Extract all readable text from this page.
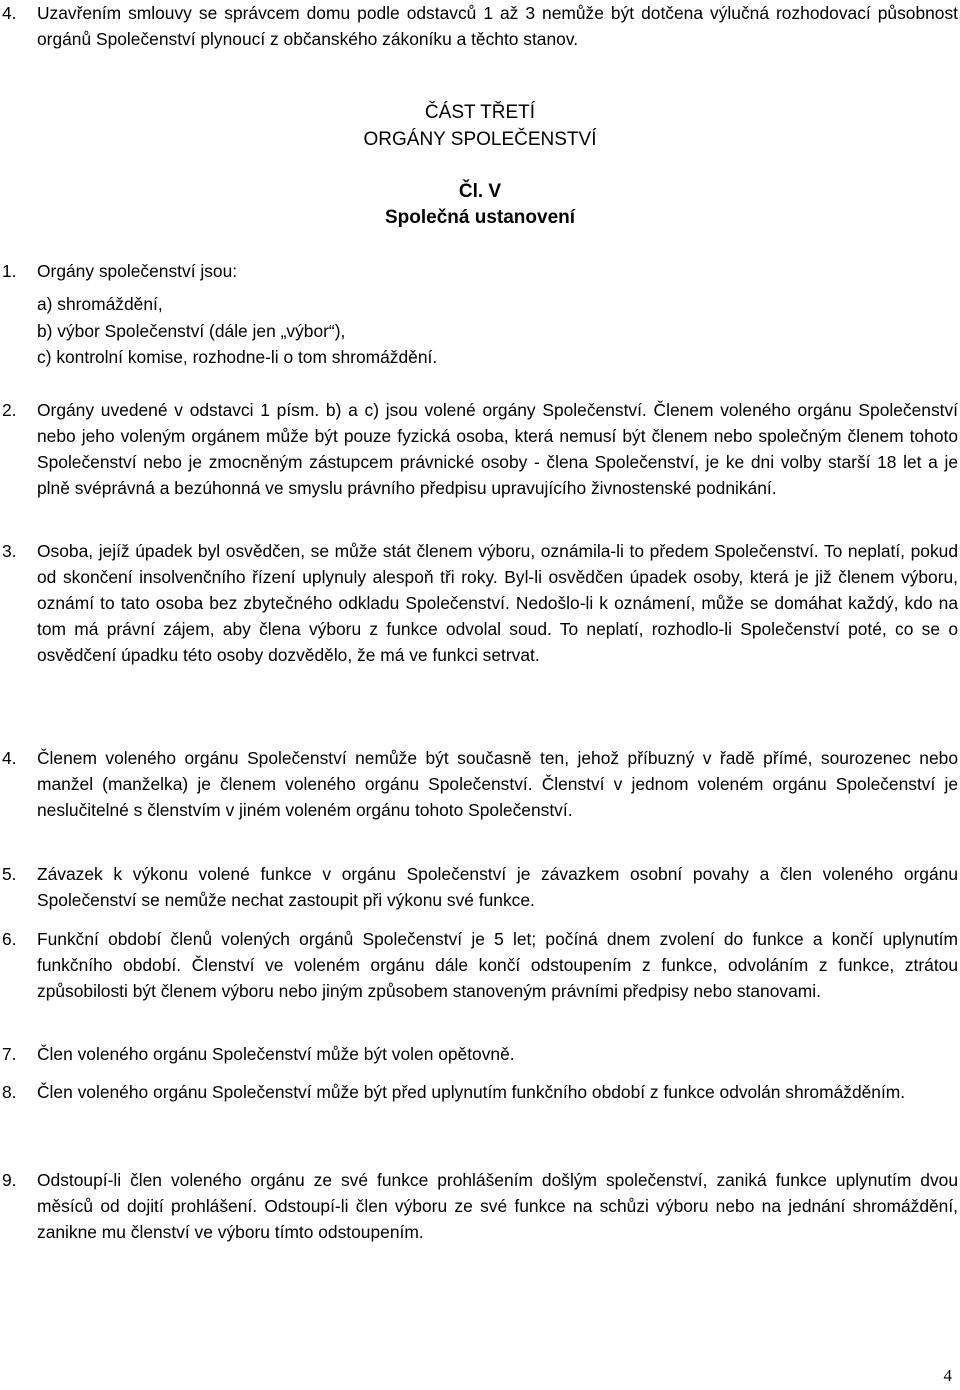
4. Uzavřením smlouvy se správcem domu podle odstavců 1 až 3 nemůže být dotčena výlučná rozhodovací působnost orgánů Společenství plynoucí z občanského zákoníku a těchto stanov.
ČÁST TŘETÍ
ORGÁNY SPOLEČENSTVÍ
Čl. V
Společná ustanovení
1. Orgány společenství jsou:
a) shromáždění,
b) výbor Společenství (dále jen „výbor“),
c) kontrolní komise, rozhodne-li o tom shromáždění.
2. Orgány uvedené v odstavci 1 písm. b) a c) jsou volené orgány Společenství. Členem voleného orgánu Společenství nebo jeho voleným orgánem může být pouze fyzická osoba, která nemusí být členem nebo společným členem tohoto Společenství nebo je zmocněným zástupcem právnické osoby - člena Společenství, je ke dni volby starší 18 let a je plně svéprávná a bezúhonná ve smyslu právního předpisu upravujícího živnostenské podnikání.
3. Osoba, jejíž úpadek byl osvědčen, se může stát členem výboru, oznámila-li to předem Společenství. To neplatí, pokud od skončení insolvenčního řízení uplynuly alespoň tři roky. Byl-li osvědčen úpadek osoby, která je již členem výboru, oznámí to tato osoba bez zbytečného odkladu Společenství. Nedošlo-li k oznámení, může se domáhat každý, kdo na tom má právní zájem, aby člena výboru z funkce odvolal soud. To neplatí, rozhodlo-li Společenství poté, co se o osvědčení úpadku této osoby dozvědělo, že má ve funkci setrvat.
4. Členem voleného orgánu Společenství nemůže být současně ten, jehož příbuzný v řadě přímé, sourozenec nebo manžel (manželka) je členem voleného orgánu Společenství. Členství v jednom voleném orgánu Společenství je neslučitelné s členstvím v jiném voleném orgánu tohoto Společenství.
5. Závazek k výkonu volené funkce v orgánu Společenství je závazkem osobní povahy a člen voleného orgánu Společenství se nemůže nechat zastoupit při výkonu své funkce.
6. Funkční období členů volených orgánů Společenství je 5 let; počíná dnem zvolení do funkce a končí uplynutím funkčního období. Členství ve voleném orgánu dále končí odstoupením z funkce, odvoláním z funkce, ztrátou způsobilosti být členem výboru nebo jiným způsobem stanoveným právními předpisy nebo stanovami.
7. Člen voleného orgánu Společenství může být volen opětovně.
8. Člen voleného orgánu Společenství může být před uplynutím funkčního období z funkce odvolán shromážděním.
9. Odstoupí-li člen voleného orgánu ze své funkce prohlášením došlým společenství, zaniká funkce uplynutím dvou měsíců od dojití prohlášení. Odstoupí-li člen výboru ze své funkce na schůzi výboru nebo na jednání shromáždění, zanikne mu členství ve výboru tímto odstoupením.
4
